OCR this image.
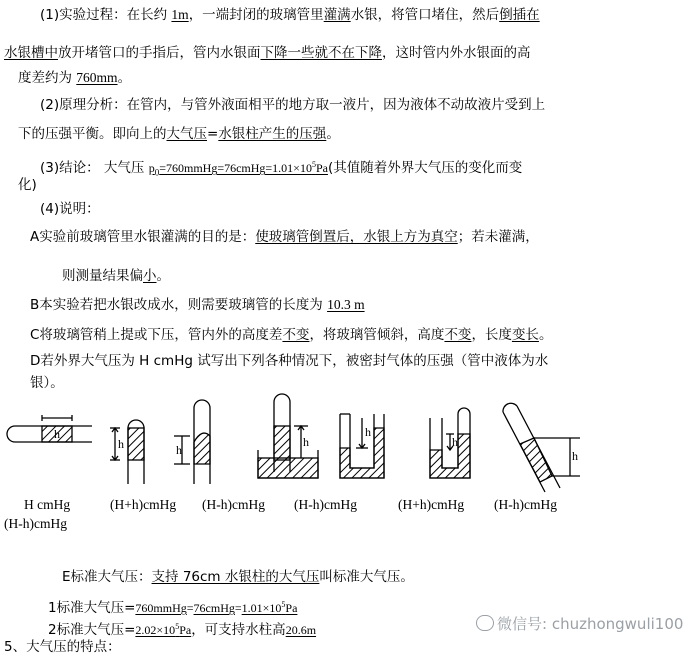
(1)实验过程：在长约 1m，一端封闭的玻璃管里灌满水银，将管口堵住，然后倒插在
水银槽中放开堵管口的手指后，管内水银面下降一些就不在下降，这时管内外水银面的高
度差约为 760mm。
(2)原理分析：在管内，与管外液面相平的地方取一液片，因为液体不动故液片受到上
下的压强平衡。即向上的大气压=水银柱产生的压强。
(3)结论： 大气压 $p_0=760mmHg=76cmHg=1.01\times 10^5Pa$(其值随着外界大气压的变化而变
化)
(4)说明：
A实验前玻璃管里水银灌满的目的是：使玻璃管倒置后，水银上方为真空；若未灌满，
则测量结果偏小。
B本实验若把水银改成水，则需要玻璃管的长度为 10.3 m
C将玻璃管稍上提或下压，管内外的高度差不变，将玻璃管倾斜，高度不变，长度变长。
D若外界大气压为 H cmHg 试写出下列各种情况下，被密封气体的压强（管中液体为水
银）。
h
h	h
h
h
h
h
H cmHg	(H+h)cmHg (H-h)cmHg (H-h)cmHg	(H+h)cmHg (H-h)cmHg
(H-h)cmHg
E标准大气压：支持 76cm 水银柱的大气压叫标准大气压。
1标准大气压$=760mmHg=76cmHg=1.01\times 10^5Pa$
2标准大气压$=2.02\times 10^5Pa$，可支持水柱高20.6m
5、大气压的特点：
微信号: chuzhongwuli100
